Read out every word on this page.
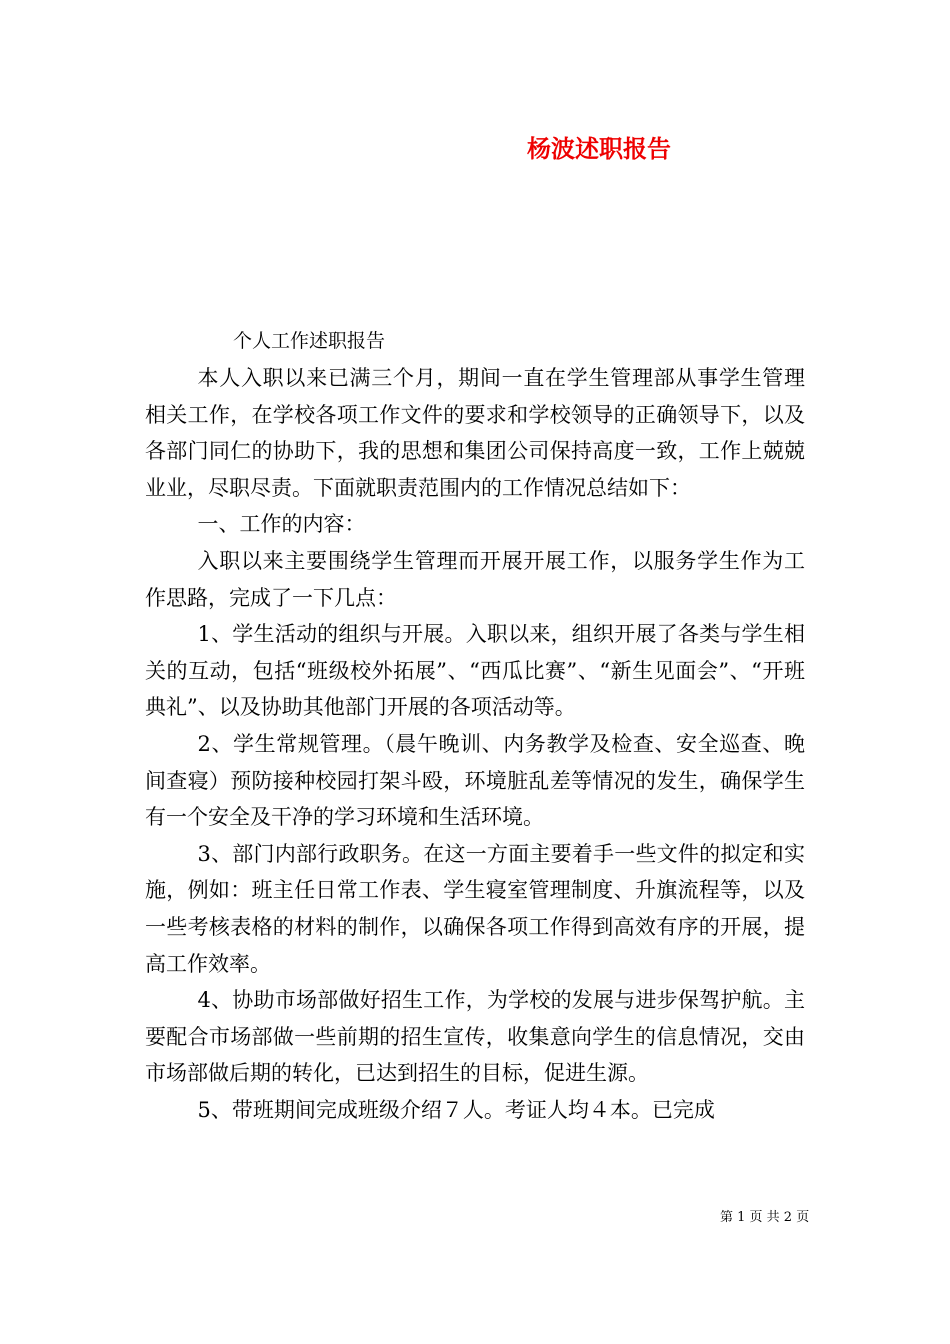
杨波述职报告
个人工作述职报告

本人入职以来已满三个月，期间一直在学生管理部从事学生管理相关工作，在学校各项工作文件的要求和学校领导的正确领导下，以及各部门同仁的协助下，我的思想和集团公司保持高度一致，工作上兢兢业业，尽职尽责。下面就职责范围内的工作情况总结如下：

一、工作的内容：

入职以来主要围绕学生管理而开展开展工作，以服务学生作为工作思路，完成了一下几点：

1、学生活动的组织与开展。入职以来，组织开展了各类与学生相关的互动，包括“班级校外拓展”、“西瓜比赛”、“新生见面会”、“开班典礼”、以及协助其他部门开展的各项活动等。

2、学生常规管理。（晨午晚训、内务教学及检查、安全巡查、晚间查寝）预防接种校园打架斗殴，环境脏乱差等情况的发生，确保学生有一个安全及干净的学习环境和生活环境。

3、部门内部行政职务。在这一方面主要着手一些文件的拟定和实施，例如：班主任日常工作表、学生寝室管理制度、升旗流程等，以及一些考核表格的材料的制作，以确保各项工作得到高效有序的开展，提高工作效率。

4、协助市场部做好招生工作，为学校的发展与进步保驾护航。主要配合市场部做一些前期的招生宣传，收集意向学生的信息情况，交由市场部做后期的转化，已达到招生的目标，促进生源。

5、带班期间完成班级介绍７人。考证人均４本。已完成

第 1 页 共 2 页
